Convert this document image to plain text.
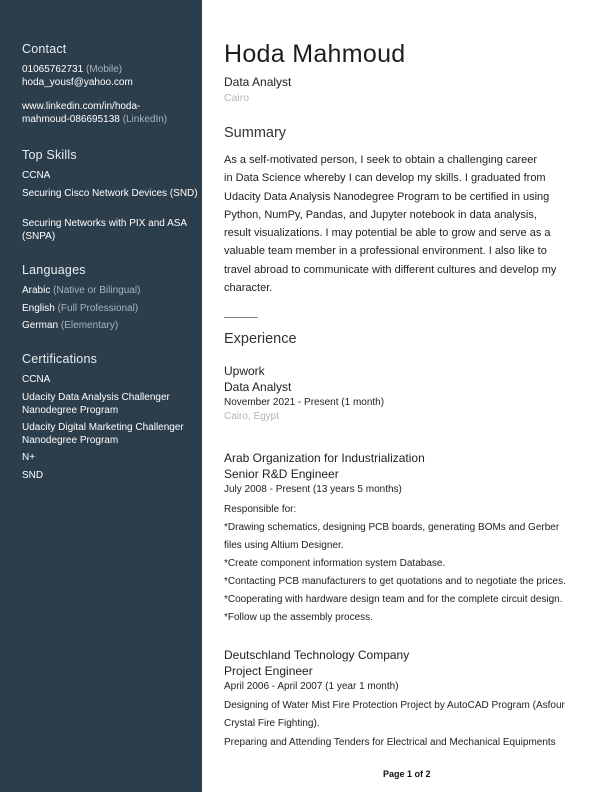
Contact
01065762731 (Mobile)
hoda_yousf@yahoo.com
www.linkedin.com/in/hoda-
mahmoud-086695138 (LinkedIn)
Top Skills
CCNA
Securing Cisco Network Devices (SND)
Securing Networks with PIX and ASA (SNPA)
Languages
Arabic (Native or Bilingual)
English (Full Professional)
German (Elementary)
Certifications
CCNA
Udacity Data Analysis Challenger Nanodegree Program
Udacity Digital Marketing Challenger Nanodegree Program
N+
SND
Hoda Mahmoud
Data Analyst
Cairo
Summary
As a self-motivated person, I seek to obtain a challenging career
in Data Science whereby I can develop my skills. I graduated from
Udacity Data Analysis Nanodegree Program to be certified in using
Python, NumPy, Pandas, and Jupyter notebook in data analysis,
result visualizations. I may potential be able to grow and serve as a
valuable team member in a professional environment. I also like to
travel abroad to communicate with different cultures and develop my
character.
Experience
Upwork
Data Analyst
November 2021 - Present (1 month)
Cairo, Egypt
Arab Organization for Industrialization
Senior R&D Engineer
July 2008 - Present (13 years 5 months)
Responsible for:
*Drawing schematics, designing PCB boards, generating BOMs and Gerber
files using Altium Designer.
*Create component information system Database.
*Contacting PCB manufacturers to get quotations and to negotiate the prices.
*Cooperating with hardware design team and for the complete circuit design.
*Follow up the assembly process.
Deutschland Technology Company
Project Engineer
April 2006 - April 2007 (1 year 1 month)
Designing of Water Mist Fire Protection Project by AutoCAD Program (Asfour
Crystal Fire Fighting).
Preparing and Attending Tenders for Electrical and Mechanical Equipments
Page 1 of 2
